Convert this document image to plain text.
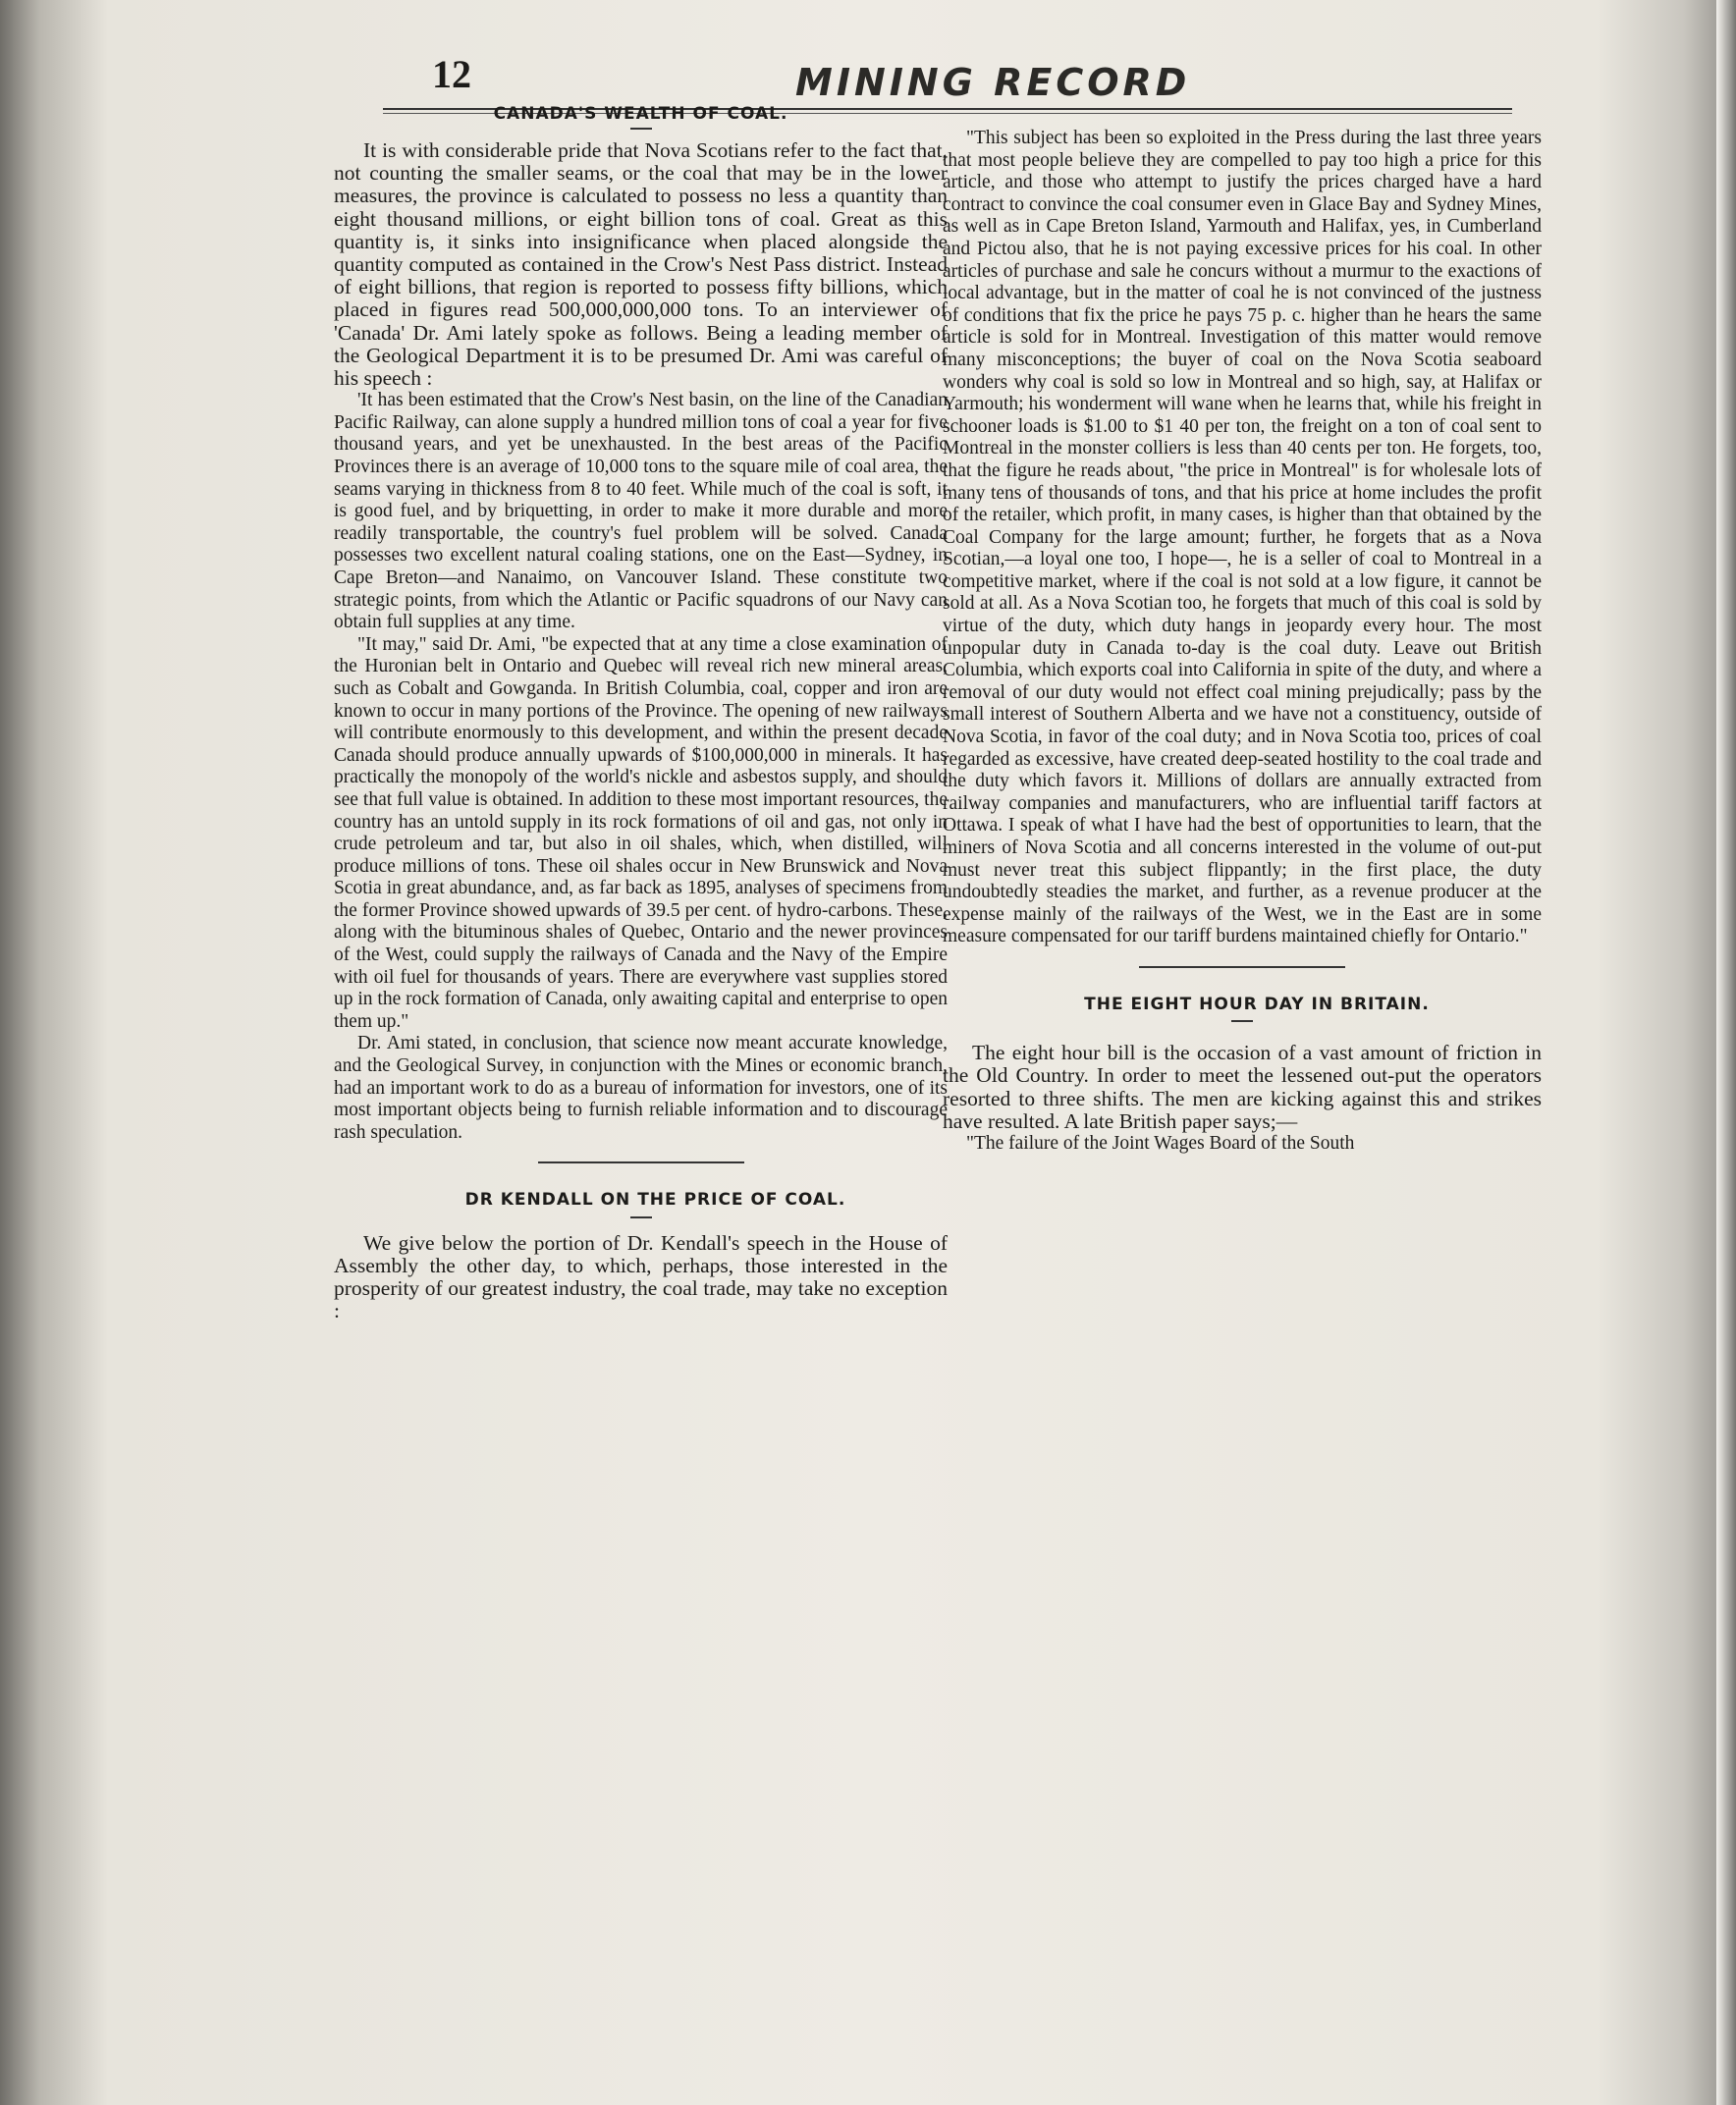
12	MINING RECORD

CANADA'S WEALTH OF COAL.

It is with considerable pride that Nova Scotians refer to the fact that, not counting the smaller seams, or the coal that may be in the lower measures, the province is calculated to possess no less a quantity than eight thousand millions, or eight billion tons of coal. Great as this quantity is, it sinks into insignificance when placed alongside the quantity computed as contained in the Crow's Nest Pass district. Instead of eight billions, that region is reported to possess fifty billions, which placed in figures read 500,000,000,000 tons. To an interviewer of 'Canada' Dr. Ami lately spoke as follows. Being a leading member of the Geological Department it is to be presumed Dr. Ami was careful of his speech :

'It has been estimated that the Crow's Nest basin, on the line of the Canadian Pacific Railway, can alone supply a hundred million tons of coal a year for five thousand years, and yet be unexhausted. In the best areas of the Pacific Provinces there is an average of 10,000 tons to the square mile of coal area, the seams varying in thickness from 8 to 40 feet. While much of the coal is soft, it is good fuel, and by briquetting, in order to make it more durable and more readily transportable, the country's fuel problem will be solved. Canada possesses two excellent natural coaling stations, one on the East—Sydney, in Cape Breton—and Nanaimo, on Vancouver Island. These constitute two strategic points, from which the Atlantic or Pacific squadrons of our Navy can obtain full supplies at any time.

"It may," said Dr. Ami, "be expected that at any time a close examination of the Huronian belt in Ontario and Quebec will reveal rich new mineral areas, such as Cobalt and Gowganda. In British Columbia, coal, copper and iron are known to occur in many portions of the Province. The opening of new railways will contribute enormously to this development, and within the present decade Canada should produce annually upwards of $100,000,000 in minerals. It has practically the monopoly of the world's nickle and asbestos supply, and should see that full value is obtained. In addition to these most important resources, the country has an untold supply in its rock formations of oil and gas, not only in crude petroleum and tar, but also in oil shales, which, when distilled, will produce millions of tons. These oil shales occur in New Brunswick and Nova Scotia in great abundance, and, as far back as 1895, analyses of specimens from the former Province showed upwards of 39.5 per cent. of hydro-carbons. These, along with the bituminous shales of Quebec, Ontario and the newer provinces of the West, could supply the railways of Canada and the Navy of the Empire with oil fuel for thousands of years. There are everywhere vast supplies stored up in the rock formation of Canada, only awaiting capital and enterprise to open them up."

Dr. Ami stated, in conclusion, that science now meant accurate knowledge, and the Geological Survey, in conjunction with the Mines or economic branch, had an important work to do as a bureau of information for investors, one of its most important objects being to furnish reliable information and to discourage rash speculation.

DR KENDALL ON THE PRICE OF COAL.

We give below the portion of Dr. Kendall's speech in the House of Assembly the other day, to which, perhaps, those interested in the prosperity of our greatest industry, the coal trade, may take no exception :

"This subject has been so exploited in the Press during the last three years that most people believe they are compelled to pay too high a price for this article, and those who attempt to justify the prices charged have a hard contract to convince the coal consumer even in Glace Bay and Sydney Mines, as well as in Cape Breton Island, Yarmouth and Halifax, yes, in Cumberland and Pictou also, that he is not paying excessive prices for his coal. In other articles of purchase and sale he concurs without a murmur to the exactions of local advantage, but in the matter of coal he is not convinced of the justness of conditions that fix the price he pays 75 p. c. higher than he hears the same article is sold for in Montreal. Investigation of this matter would remove many misconceptions; the buyer of coal on the Nova Scotia seaboard wonders why coal is sold so low in Montreal and so high, say, at Halifax or Yarmouth; his wonderment will wane when he learns that, while his freight in schooner loads is $1.00 to $1 40 per ton, the freight on a ton of coal sent to Montreal in the monster colliers is less than 40 cents per ton. He forgets, too, that the figure he reads about, "the price in Montreal" is for wholesale lots of many tens of thousands of tons, and that his price at home includes the profit of the retailer, which profit, in many cases, is higher than that obtained by the Coal Company for the large amount; further, he forgets that as a Nova Scotian,—a loyal one too, I hope—, he is a seller of coal to Montreal in a competitive market, where if the coal is not sold at a low figure, it cannot be sold at all. As a Nova Scotian too, he forgets that much of this coal is sold by virtue of the duty, which duty hangs in jeopardy every hour. The most unpopular duty in Canada to-day is the coal duty. Leave out British Columbia, which exports coal into California in spite of the duty, and where a removal of our duty would not effect coal mining prejudically; pass by the small interest of Southern Alberta and we have not a constituency, outside of Nova Scotia, in favor of the coal duty; and in Nova Scotia too, prices of coal regarded as excessive, have created deep-seated hostility to the coal trade and the duty which favors it. Millions of dollars are annually extracted from railway companies and manufacturers, who are influential tariff factors at Ottawa. I speak of what I have had the best of opportunities to learn, that the miners of Nova Scotia and all concerns interested in the volume of out-put must never treat this subject flippantly; in the first place, the duty undoubtedly steadies the market, and further, as a revenue producer at the expense mainly of the railways of the West, we in the East are in some measure compensated for our tariff burdens maintained chiefly for Ontario."

THE EIGHT HOUR DAY IN BRITAIN.

The eight hour bill is the occasion of a vast amount of friction in the Old Country. In order to meet the lessened out-put the operators resorted to three shifts. The men are kicking against this and strikes have resulted. A late British paper says;—

"The failure of the Joint Wages Board of the South
